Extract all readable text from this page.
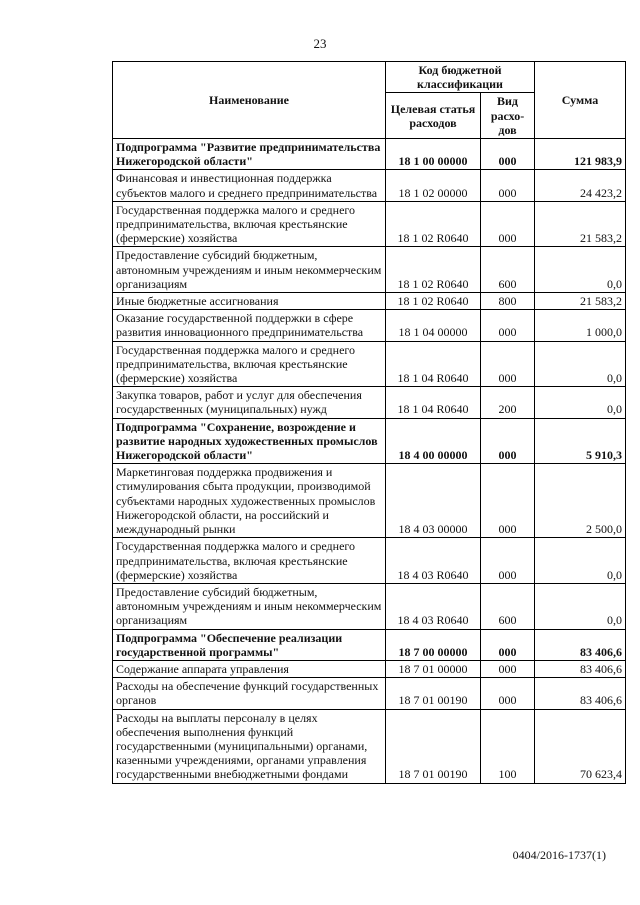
23
Наименование	Код бюджетной классификации		Сумма
	Целевая статья расходов	Вид расхо-дов	
Подпрограмма "Развитие предпринимательства Нижегородской области"	18 1 00 00000	000	121 983,9
Финансовая и инвестиционная поддержка субъектов малого и среднего предпринимательства	18 1 02 00000	000	24 423,2
Государственная поддержка малого и среднего предпринимательства, включая крестьянские (фермерские) хозяйства	18 1 02 R0640	000	21 583,2
Предоставление субсидий бюджетным, автономным учреждениям и иным некоммерческим организациям	18 1 02 R0640	600	0,0
Иные бюджетные ассигнования	18 1 02 R0640	800	21 583,2
Оказание государственной поддержки в сфере развития инновационного предпринимательства	18 1 04 00000	000	1 000,0
Государственная поддержка малого и среднего предпринимательства, включая крестьянские (фермерские) хозяйства	18 1 04 R0640	000	0,0
Закупка товаров, работ и услуг для обеспечения государственных (муниципальных) нужд	18 1 04 R0640	200	0,0
Подпрограмма "Сохранение, возрождение и развитие народных художественных промыслов Нижегородской области"	18 4 00 00000	000	5 910,3
Маркетинговая поддержка продвижения и стимулирования сбыта продукции, производимой субъектами народных художественных промыслов Нижегородской области, на российский и международный рынки	18 4 03 00000	000	2 500,0
Государственная поддержка малого и среднего предпринимательства, включая крестьянские (фермерские) хозяйства	18 4 03 R0640	000	0,0
Предоставление субсидий бюджетным, автономным учреждениям и иным некоммерческим организациям	18 4 03 R0640	600	0,0
Подпрограмма "Обеспечение реализации государственной программы"	18 7 00 00000	000	83 406,6
Содержание аппарата управления	18 7 01 00000	000	83 406,6
Расходы на обеспечение функций государственных органов	18 7 01 00190	000	83 406,6
Расходы на выплаты персоналу в целях обеспечения выполнения функций государственными (муниципальными) органами, казенными учреждениями, органами управления государственными внебюджетными фондами	18 7 01 00190	100	70 623,4
0404/2016-1737(1)
